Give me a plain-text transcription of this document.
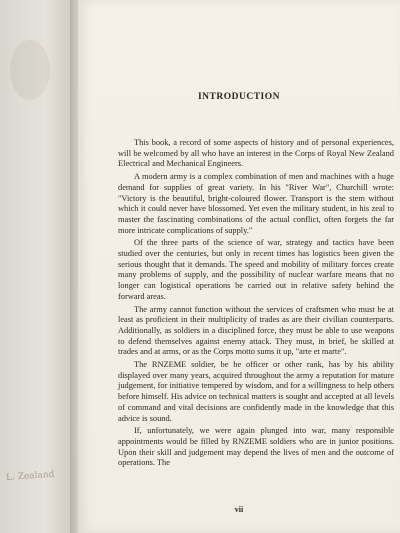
L. Zealand
INTRODUCTION

This book, a record of some aspects of history and of personal experiences, will be welcomed by all who have an interest in the Corps of Royal New Zealand Electrical and Mechanical Engineers.

A modern army is a complex combination of men and machines with a huge demand for supplies of great variety. In his "River War", Churchill wrote: "Victory is the beautiful, bright-coloured flower. Transport is the stem without which it could never have blossomed. Yet even the military student, in his zeal to master the fascinating combinations of the actual conflict, often forgets the far more intricate complications of supply."

Of the three parts of the science of war, strategy and tactics have been studied over the centuries, but only in recent times has logistics been given the serious thought that it demands. The speed and mobility of military forces create many problems of supply, and the possibility of nuclear warfare means that no longer can logistical operations be carried out in relative safety behind the forward areas.

The army cannot function without the services of craftsmen who must be at least as proficient in their multiplicity of trades as are their civilian counterparts. Additionally, as soldiers in a disciplined force, they must be able to use weapons to defend themselves against enemy attack. They must, in brief, be skilled at trades and at arms, or as the Corps motto sums it up, "arte et marte".

The RNZEME soldier, be he officer or other rank, has by his ability displayed over many years, acquired throughout the army a reputation for mature judgement, for initiative tempered by wisdom, and for a willingness to help others before himself. His advice on technical matters is sought and accepted at all levels of command and vital decisions are confidently made in the knowledge that this advice is sound.

If, unfortunately, we were again plunged into war, many responsible appointments would be filled by RNZEME soldiers who are in junior positions. Upon their skill and judgement may depend the lives of men and the outcome of operations. The

vii
